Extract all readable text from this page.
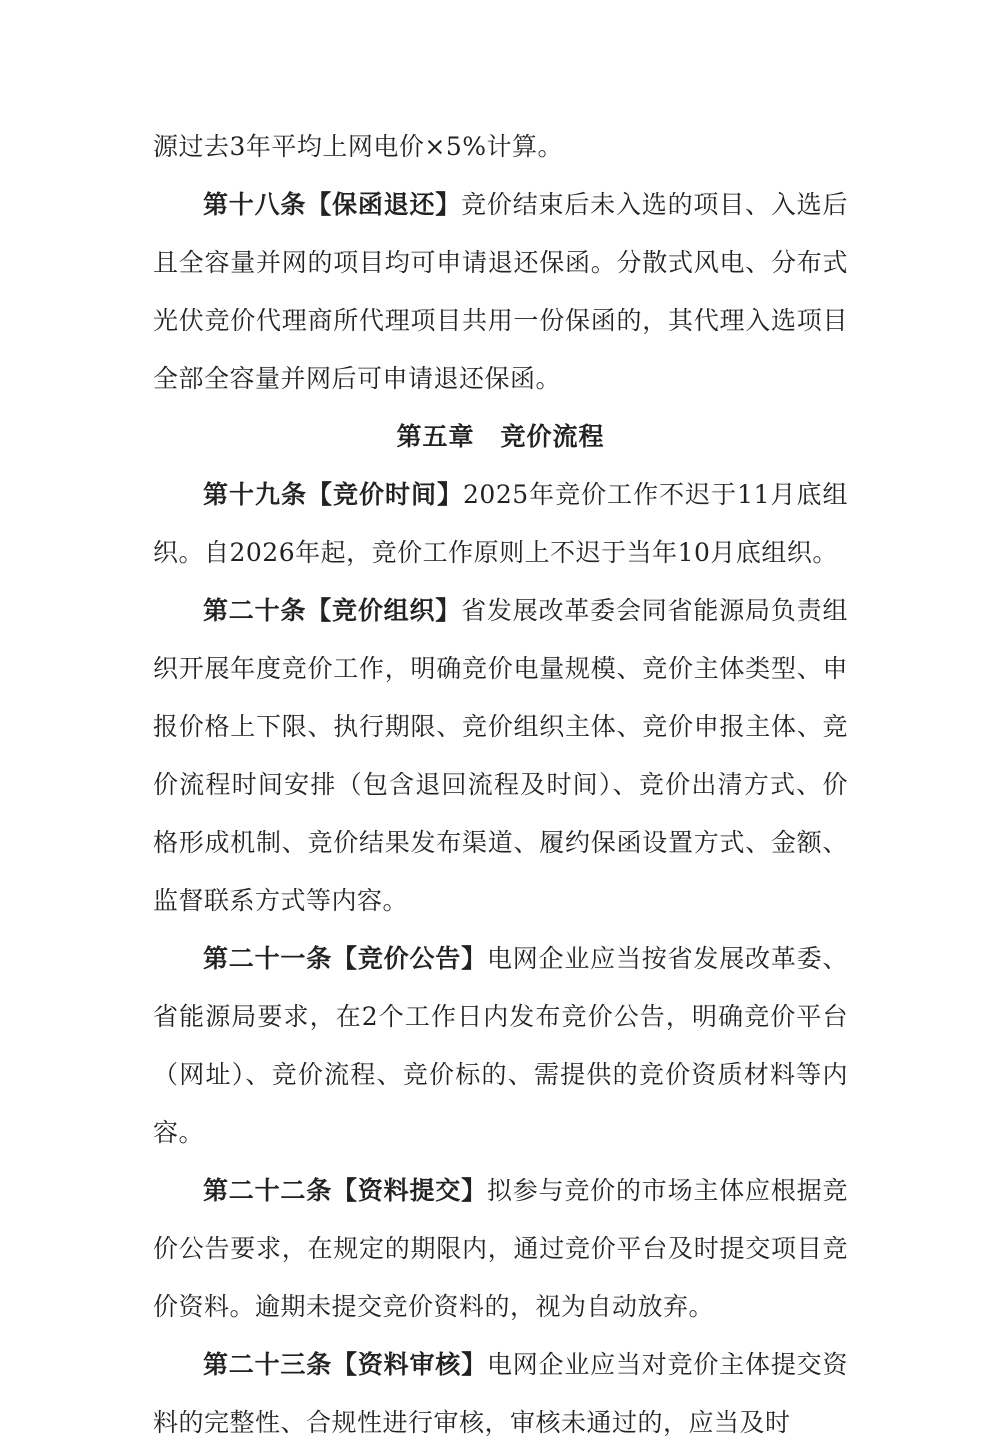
源过去3年平均上网电价×5%计算。

第十八条【保函退还】竞价结束后未入选的项目、入选后且全容量并网的项目均可申请退还保函。分散式风电、分布式光伏竞价代理商所代理项目共用一份保函的，其代理入选项目全部全容量并网后可申请退还保函。

第五章　竞价流程

第十九条【竞价时间】2025年竞价工作不迟于11月底组织。自2026年起，竞价工作原则上不迟于当年10月底组织。

第二十条【竞价组织】省发展改革委会同省能源局负责组织开展年度竞价工作，明确竞价电量规模、竞价主体类型、申报价格上下限、执行期限、竞价组织主体、竞价申报主体、竞价流程时间安排（包含退回流程及时间）、竞价出清方式、价格形成机制、竞价结果发布渠道、履约保函设置方式、金额、监督联系方式等内容。

第二十一条【竞价公告】电网企业应当按省发展改革委、省能源局要求，在2个工作日内发布竞价公告，明确竞价平台（网址）、竞价流程、竞价标的、需提供的竞价资质材料等内容。

第二十二条【资料提交】拟参与竞价的市场主体应根据竞价公告要求，在规定的期限内，通过竞价平台及时提交项目竞价资料。逾期未提交竞价资料的，视为自动放弃。

第二十三条【资料审核】电网企业应当对竞价主体提交资料的完整性、合规性进行审核，审核未通过的，应当及时
